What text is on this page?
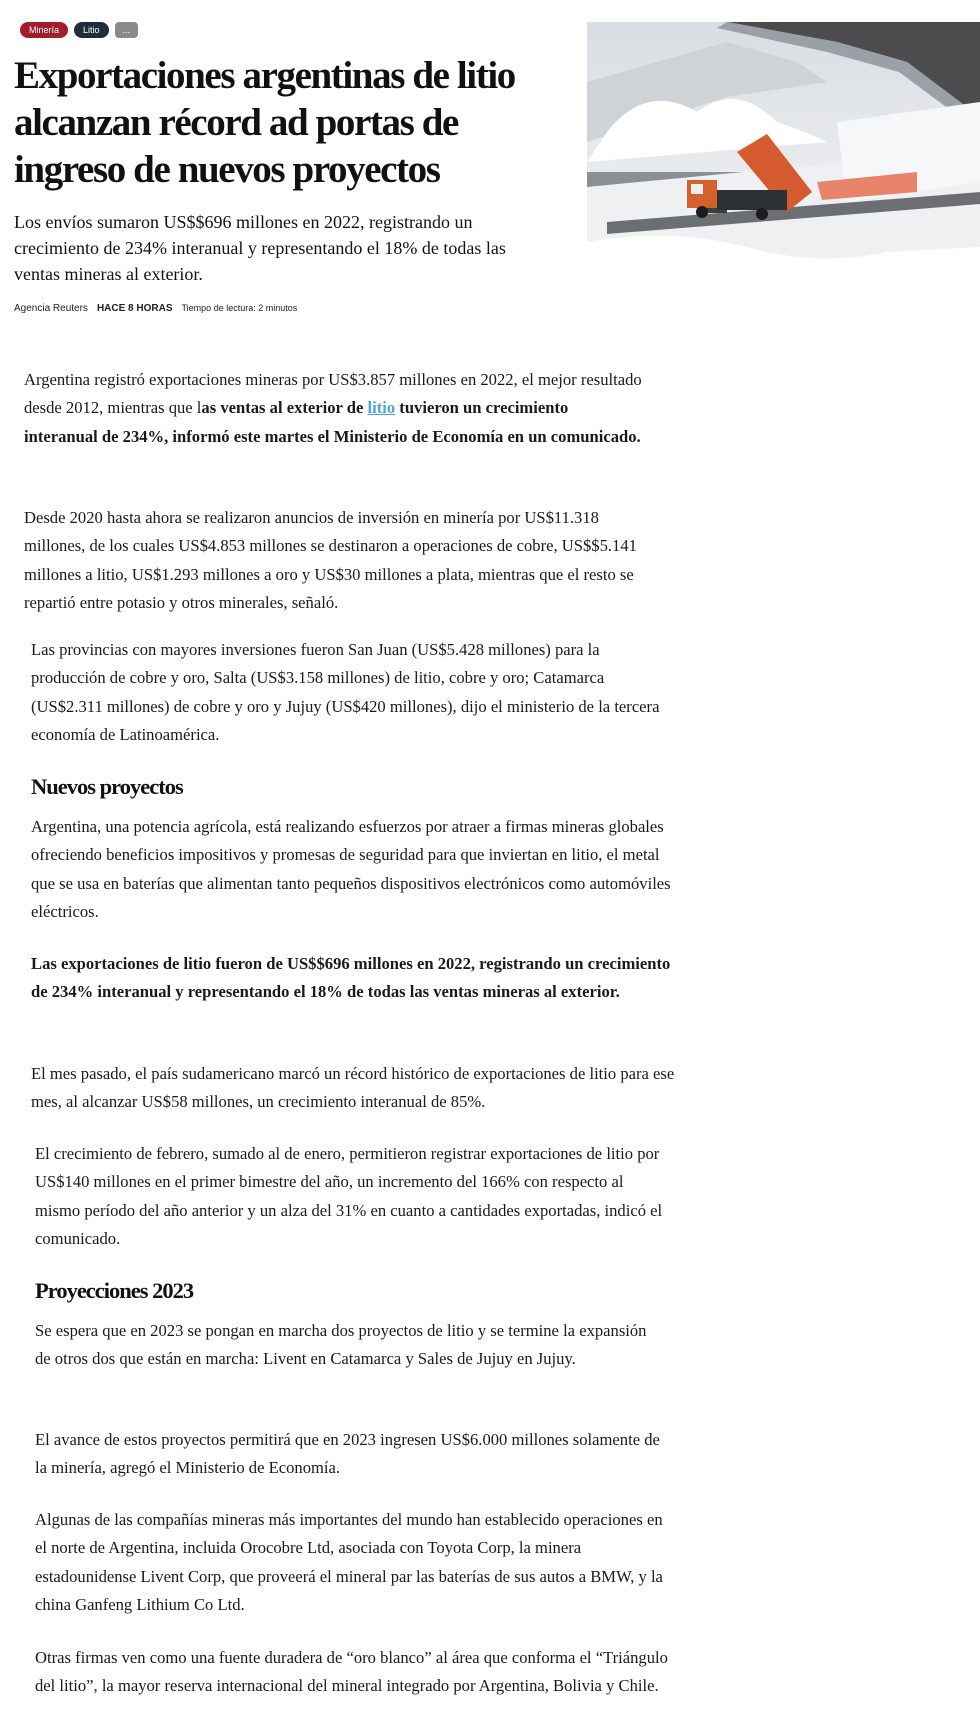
Minería	Litio	...
Exportaciones argentinas de litio alcanzan récord ad portas de ingreso de nuevos proyectos

Los envíos sumaron US$$696 millones en 2022, registrando un crecimiento de 234% interanual y representando el 18% de todas las ventas mineras al exterior.

Agencia Reuters HACE 8 HORAS Tiempo de lectura: 2 minutos

Argentina registró exportaciones mineras por US$3.857 millones en 2022, el mejor resultado desde 2012, mientras que las ventas al exterior de litio tuvieron un crecimiento interanual de 234%, informó este martes el Ministerio de Economía en un comunicado.

Desde 2020 hasta ahora se realizaron anuncios de inversión en minería por US$11.318 millones, de los cuales US$4.853 millones se destinaron a operaciones de cobre, US$$5.141 millones a litio, US$1.293 millones a oro y US$30 millones a plata, mientras que el resto se repartió entre potasio y otros minerales, señaló.

Las provincias con mayores inversiones fueron San Juan (US$5.428 millones) para la producción de cobre y oro, Salta (US$3.158 millones) de litio, cobre y oro; Catamarca (US$2.311 millones) de cobre y oro y Jujuy (US$420 millones), dijo el ministerio de la tercera economía de Latinoamérica.

Nuevos proyectos

Argentina, una potencia agrícola, está realizando esfuerzos por atraer a firmas mineras globales ofreciendo beneficios impositivos y promesas de seguridad para que inviertan en litio, el metal que se usa en baterías que alimentan tanto pequeños dispositivos electrónicos como automóviles eléctricos.

Las exportaciones de litio fueron de US$$696 millones en 2022, registrando un crecimiento de 234% interanual y representando el 18% de todas las ventas mineras al exterior.

El mes pasado, el país sudamericano marcó un récord histórico de exportaciones de litio para ese mes, al alcanzar US$58 millones, un crecimiento interanual de 85%.

El crecimiento de febrero, sumado al de enero, permitieron registrar exportaciones de litio por US$140 millones en el primer bimestre del año, un incremento del 166% con respecto al mismo período del año anterior y un alza del 31% en cuanto a cantidades exportadas, indicó el comunicado.

Proyecciones 2023

Se espera que en 2023 se pongan en marcha dos proyectos de litio y se termine la expansión de otros dos que están en marcha: Livent en Catamarca y Sales de Jujuy en Jujuy.

El avance de estos proyectos permitirá que en 2023 ingresen US$6.000 millones solamente de la minería, agregó el Ministerio de Economía.

Algunas de las compañías mineras más importantes del mundo han establecido operaciones en el norte de Argentina, incluida Orocobre Ltd, asociada con Toyota Corp, la minera estadounidense Livent Corp, que proveerá el mineral par las baterías de sus autos a BMW, y la china Ganfeng Lithium Co Ltd.

Otras firmas ven como una fuente duradera de “oro blanco” al área que conforma el “Triángulo del litio”, la mayor reserva internacional del mineral integrado por Argentina, Bolivia y Chile.
